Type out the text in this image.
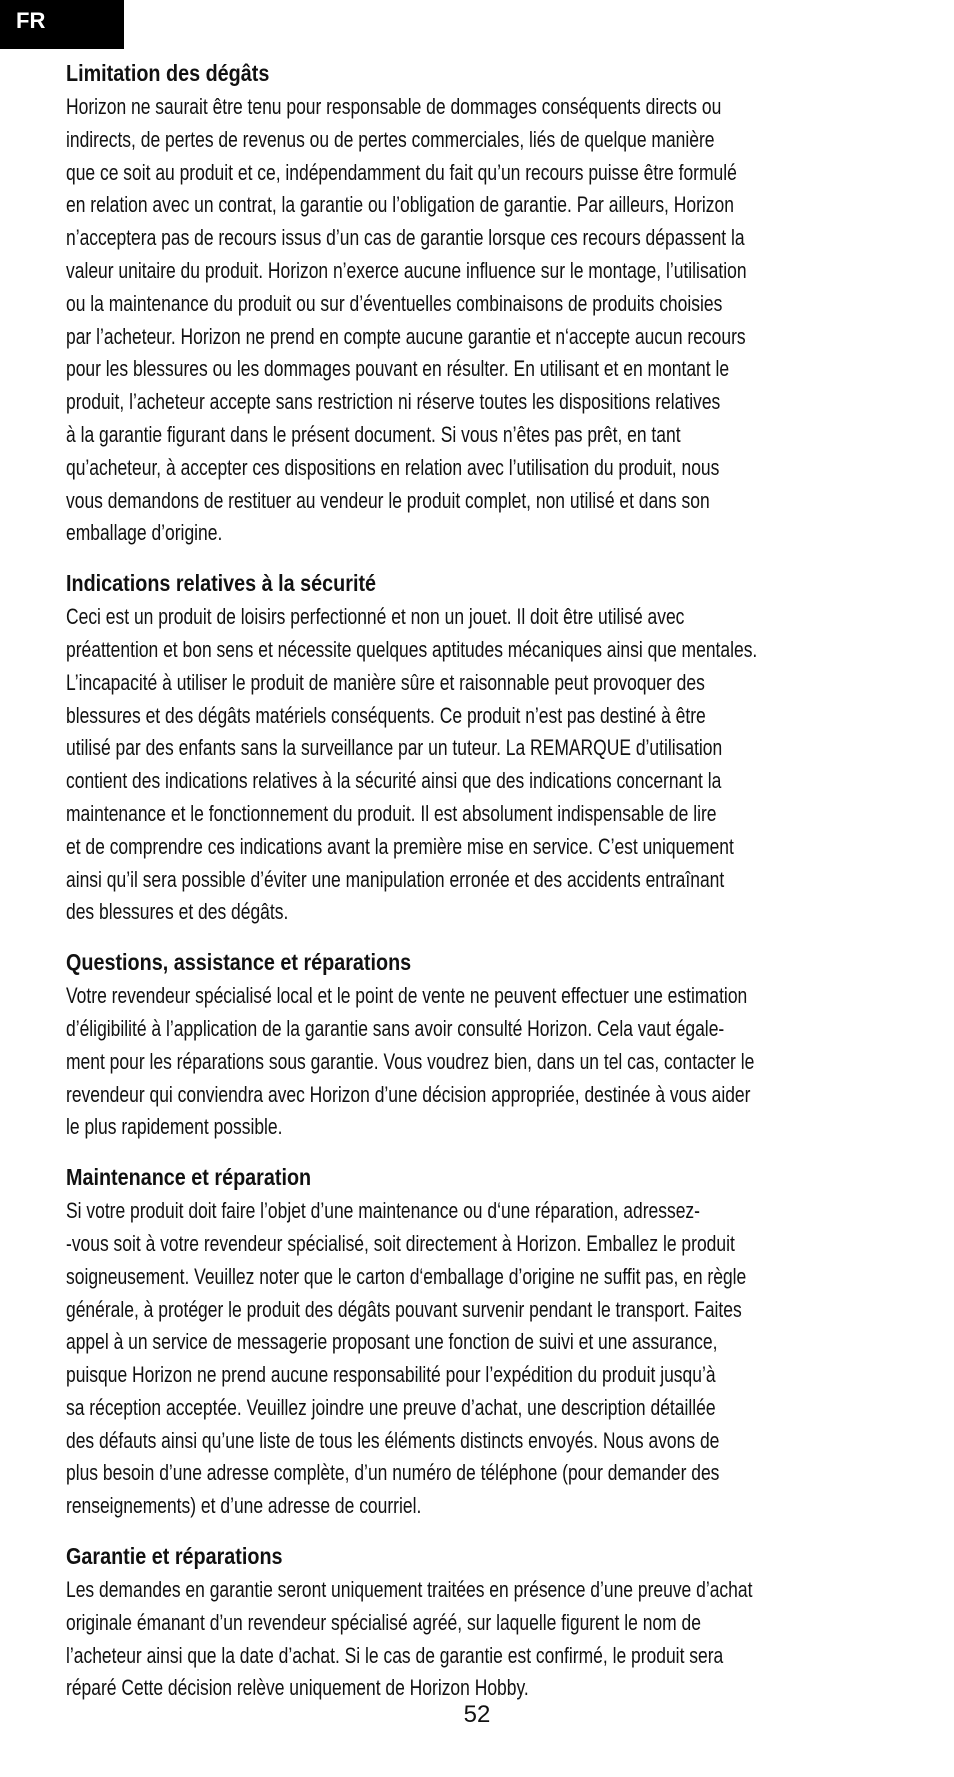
FR
Limitation des dégâts

Horizon ne saurait être tenu pour responsable de dommages conséquents directs ou
indirects, de pertes de revenus ou de pertes commerciales, liés de quelque manière
que ce soit au produit et ce, indépendamment du fait qu’un recours puisse être formulé
en relation avec un contrat, la garantie ou l’obligation de garantie. Par ailleurs, Horizon
n’acceptera pas de recours issus d’un cas de garantie lorsque ces recours dépassent la
valeur unitaire du produit. Horizon n’exerce aucune influence sur le montage, l’utilisation
ou la maintenance du produit ou sur d’éventuelles combinaisons de produits choisies
par l’acheteur. Horizon ne prend en compte aucune garantie et n‘accepte aucun recours
pour les blessures ou les dommages pouvant en résulter. En utilisant et en montant le
produit, l’acheteur accepte sans restriction ni réserve toutes les dispositions relatives
à la garantie figurant dans le présent document. Si vous n’êtes pas prêt, en tant
qu’acheteur, à accepter ces dispositions en relation avec l’utilisation du produit, nous
vous demandons de restituer au vendeur le produit complet, non utilisé et dans son
emballage d’origine.

Indications relatives à la sécurité

Ceci est un produit de loisirs perfectionné et non un jouet. Il doit être utilisé avec
préattention et bon sens et nécessite quelques aptitudes mécaniques ainsi que mentales.
L’incapacité à utiliser le produit de manière sûre et raisonnable peut provoquer des
blessures et des dégâts matériels conséquents. Ce produit n’est pas destiné à être
utilisé par des enfants sans la surveillance par un tuteur. La REMARQUE d’utilisation
contient des indications relatives à la sécurité ainsi que des indications concernant la
maintenance et le fonctionnement du produit. Il est absolument indispensable de lire
et de comprendre ces indications avant la première mise en service. C’est uniquement
ainsi qu’il sera possible d’éviter une manipulation erronée et des accidents entraînant
des blessures et des dégâts.

Questions, assistance et réparations

Votre revendeur spécialisé local et le point de vente ne peuvent effectuer une estimation
d’éligibilité à l’application de la garantie sans avoir consulté Horizon. Cela vaut égale-
ment pour les réparations sous garantie. Vous voudrez bien, dans un tel cas, contacter le
revendeur qui conviendra avec Horizon d’une décision appropriée, destinée à vous aider
le plus rapidement possible.

Maintenance et réparation

Si votre produit doit faire l’objet d’une maintenance ou d‘une réparation, adressez-
-vous soit à votre revendeur spécialisé, soit directement à Horizon. Emballez le produit
soigneusement. Veuillez noter que le carton d‘emballage d’origine ne suffit pas, en règle
générale, à protéger le produit des dégâts pouvant survenir pendant le transport. Faites
appel à un service de messagerie proposant une fonction de suivi et une assurance,
puisque Horizon ne prend aucune responsabilité pour l’expédition du produit jusqu’à
sa réception acceptée. Veuillez joindre une preuve d’achat, une description détaillée
des défauts ainsi qu’une liste de tous les éléments distincts envoyés. Nous avons de
plus besoin d’une adresse complète, d’un numéro de téléphone (pour demander des
renseignements) et d’une adresse de courriel.

Garantie et réparations

Les demandes en garantie seront uniquement traitées en présence d’une preuve d’achat
originale émanant d’un revendeur spécialisé agréé, sur laquelle figurent le nom de
l’acheteur ainsi que la date d’achat. Si le cas de garantie est confirmé, le produit sera
réparé Cette décision relève uniquement de Horizon Hobby.

52
